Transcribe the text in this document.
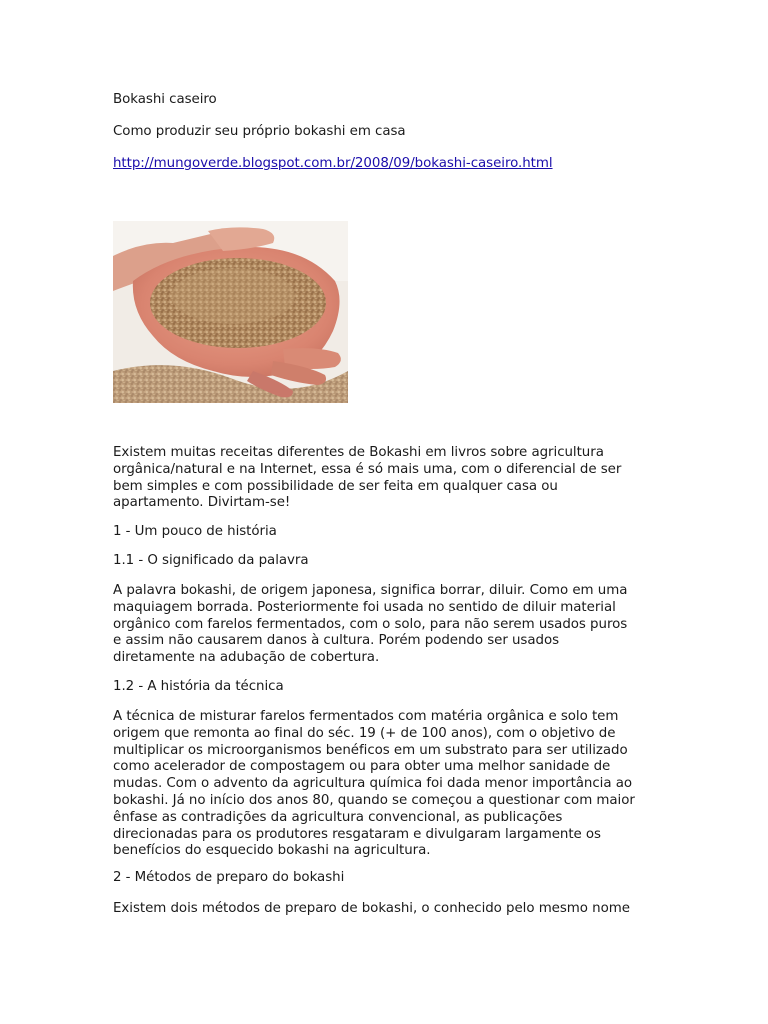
Bokashi caseiro

Como produzir seu próprio bokashi em casa

http://mungoverde.blogspot.com.br/2008/09/bokashi-caseiro.html

Existem muitas receitas diferentes de Bokashi em livros sobre agricultura

orgânica/natural e na Internet, essa é só mais uma, com o diferencial de ser

bem simples e com possibilidade de ser feita em qualquer casa ou

apartamento. Divirtam-se!

1 - Um pouco de história

1.1 - O significado da palavra

A palavra bokashi, de origem japonesa, significa borrar, diluir. Como em uma

maquiagem borrada. Posteriormente foi usada no sentido de diluir material

orgânico com farelos fermentados, com o solo, para não serem usados puros

e assim não causarem danos à cultura. Porém podendo ser usados

diretamente na adubação de cobertura.

1.2 - A história da técnica

A técnica de misturar farelos fermentados com matéria orgânica e solo tem

origem que remonta ao final do séc. 19 (+ de 100 anos), com o objetivo de

multiplicar os microorganismos benéficos em um substrato para ser utilizado

como acelerador de compostagem ou para obter uma melhor sanidade de

mudas. Com o advento da agricultura química foi dada menor importância ao

bokashi. Já no início dos anos 80, quando se começou a questionar com maior

ênfase as contradições da agricultura convencional, as publicações

direcionadas para os produtores resgataram e divulgaram largamente os

benefícios do esquecido bokashi na agricultura.

2 - Métodos de preparo do bokashi

Existem dois métodos de preparo de bokashi, o conhecido pelo mesmo nome
